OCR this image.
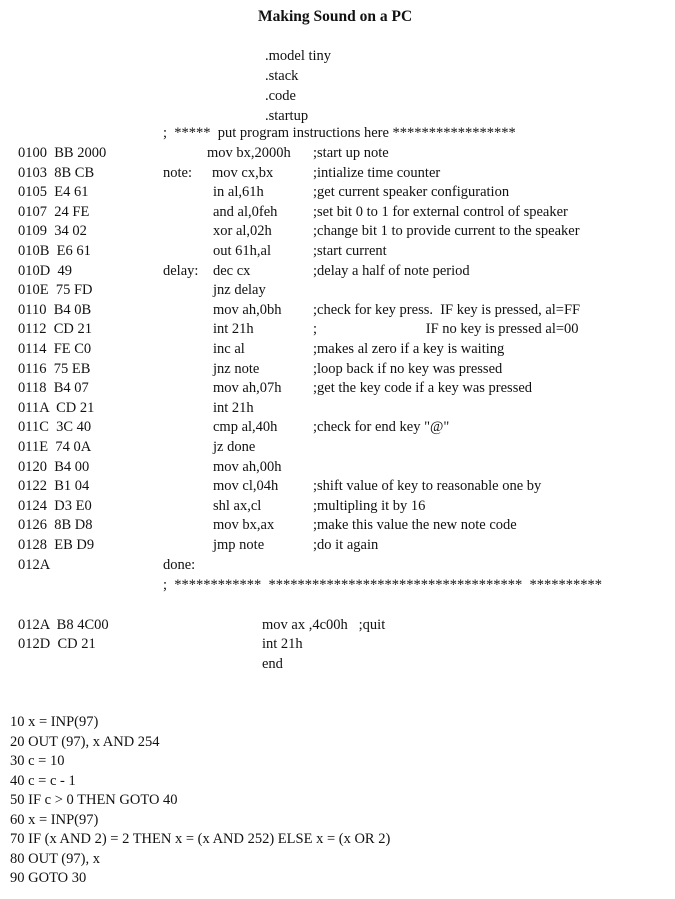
Making Sound on a PC
.model tiny
.stack
.code
.startup
;  *****  put program instructions here *****************
0100  BB 2000	mov bx,2000h ;start up note
0103  8B CB	note: mov cx,bx	;intialize time counter
0105  E4 61	in al,61h	;get current speaker configuration
0107  24 FE	and al,0feh ;set bit 0 to 1 for external control of speaker
0109  34 02	xor al,02h	;change bit 1 to provide current to the speaker
010B  E6 61	out 61h,al	;start current
010D  49	delay: dec cx	;delay a half of note period
010E  75 FD	jnz delay
0110  B4 0B	mov ah,0bh ;check for key press.  IF key is pressed, al=FF
0112  CD 21	int 21h	;                              IF no key is pressed al=00
0114  FE C0	inc al	;makes al zero if a key is waiting
0116  75 EB	jnz note	;loop back if no key was pressed
0118  B4 07	mov ah,07h ;get the key code if a key was pressed
011A  CD 21	int 21h
011C  3C 40	cmp al,40h ;check for end key "@"
011E  74 0A	jz done
0120  B4 00	mov ah,00h
0122  B1 04	mov cl,04h ;shift value of key to reasonable one by
0124  D3 E0	shl ax,cl	;multipling it by 16
0126  8B D8	mov bx,ax	;make this value the new note code
0128  EB D9	jmp note	;do it again
012A	done:
;  ************  ***********************************  **********
012A  B8 4C00	mov ax ,4c00h   ;quit
012D  CD 21	int 21h
end
10 x = INP(97)
20 OUT (97), x AND 254
30 c = 10
40 c = c - 1
50 IF c > 0 THEN GOTO 40
60 x = INP(97)
70 IF (x AND 2) = 2 THEN x = (x AND 252) ELSE x = (x OR 2)
80 OUT (97), x
90 GOTO 30
